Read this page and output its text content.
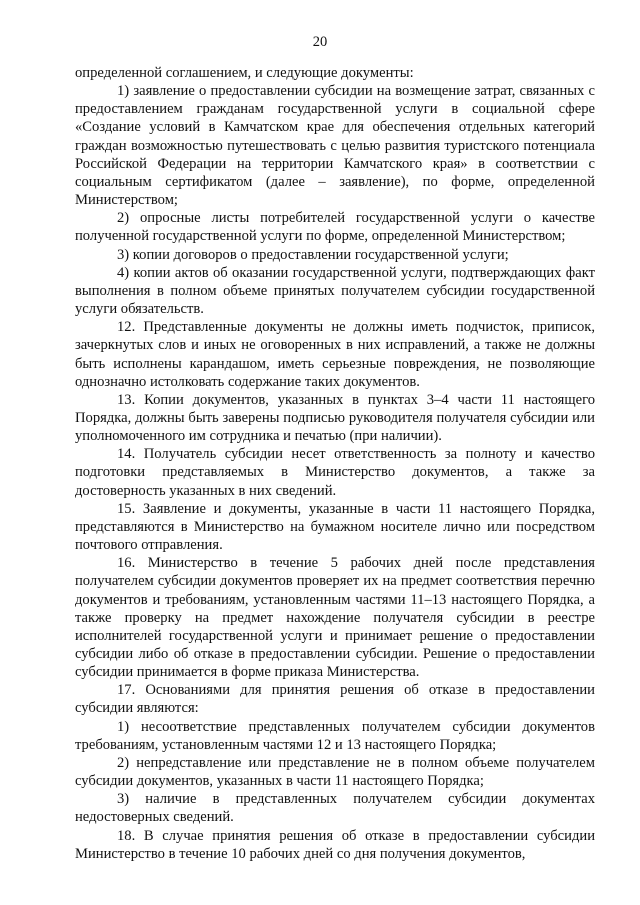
20

определенной соглашением, и следующие документы:

1) заявление о предоставлении субсидии на возмещение затрат, связанных с предоставлением гражданам государственной услуги в социальной сфере «Создание условий в Камчатском крае для обеспечения отдельных категорий граждан возможностью путешествовать с целью развития туристского потенциала Российской Федерации на территории Камчатского края» в соответствии с социальным сертификатом (далее – заявление), по форме, определенной Министерством;

2) опросные листы потребителей государственной услуги о качестве полученной государственной услуги по форме, определенной Министерством;

3) копии договоров о предоставлении государственной услуги;

4) копии актов об оказании государственной услуги, подтверждающих факт выполнения в полном объеме принятых получателем субсидии государственной услуги обязательств.

12. Представленные документы не должны иметь подчисток, приписок, зачеркнутых слов и иных не оговоренных в них исправлений, а также не должны быть исполнены карандашом, иметь серьезные повреждения, не позволяющие однозначно истолковать содержание таких документов.

13. Копии документов, указанных в пунктах 3–4 части 11 настоящего Порядка, должны быть заверены подписью руководителя получателя субсидии или уполномоченного им сотрудника и печатью (при наличии).

14. Получатель субсидии несет ответственность за полноту и качество подготовки представляемых в Министерство документов, а также за достоверность указанных в них сведений.

15. Заявление и документы, указанные в части 11 настоящего Порядка, представляются в Министерство на бумажном носителе лично или посредством почтового отправления.

16. Министерство в течение 5 рабочих дней после представления получателем субсидии документов проверяет их на предмет соответствия перечню документов и требованиям, установленным частями 11–13 настоящего Порядка, а также проверку на предмет нахождение получателя субсидии в реестре исполнителей государственной услуги и принимает решение о предоставлении субсидии либо об отказе в предоставлении субсидии. Решение о предоставлении субсидии принимается в форме приказа Министерства.

17. Основаниями для принятия решения об отказе в предоставлении субсидии являются:

1) несоответствие представленных получателем субсидии документов требованиям, установленным частями 12 и 13 настоящего Порядка;

2) непредставление или представление не в полном объеме получателем субсидии документов, указанных в части 11 настоящего Порядка;

3) наличие в представленных получателем субсидии документах недостоверных сведений.

18. В случае принятия решения об отказе в предоставлении субсидии Министерство в течение 10 рабочих дней со дня получения документов,
